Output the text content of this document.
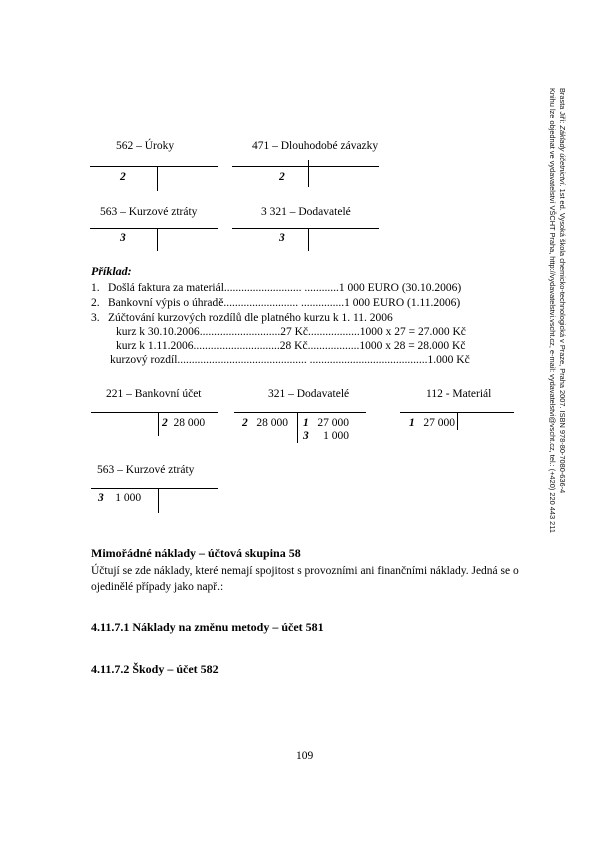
Brasta Jiří: Základy účetnictví. 1st ed. Vysoká škola chemicko-technologická v Praze, Praha 2007. ISBN 978-80-7080-636-4
Knihu lze objednat ve vydavatelství VŠCHT Praha, http://vydavatelstvi.vscht.cz, e-mail: vydavatelstvi@vscht.cz, tel.: (+420) 220 443 211
562 – Úroky
2
471 – Dlouhodobé závazky
2
563 – Kurzové ztráty
3
3 321 – Dodavatelé
3
Příklad:
1. Došlá faktura za materiál........................... ............1 000 EURO (30.10.2006)
2. Bankovní výpis o úhradě.......................... ...............1 000 EURO (1.11.2006)
3. Zúčtování kurzových rozdílů dle platného kurzu k 1. 11. 2006
kurz k 30.10.2006............................27 Kč..................1000 x 27 = 27.000 Kč
kurz k 1.11.2006..............................28 Kč..................1000 x 28 = 28.000 Kč
kurzový rozdíl............................................. .........................................1.000 Kč
221 – Bankovní účet
2 28 000
321 – Dodavatelé
2 28 000 1 27 000
3 1 000
112 - Materiál
1 27 000
563 – Kurzové ztráty
3 1 000
Mimořádné náklady – účtová skupina 58
Účtují se zde náklady, které nemají spojitost s provozními ani finančními náklady. Jedná se o ojedinělé případy jako např.:
4.11.7.1 Náklady na změnu metody – účet 581
4.11.7.2 Škody – účet 582
109
